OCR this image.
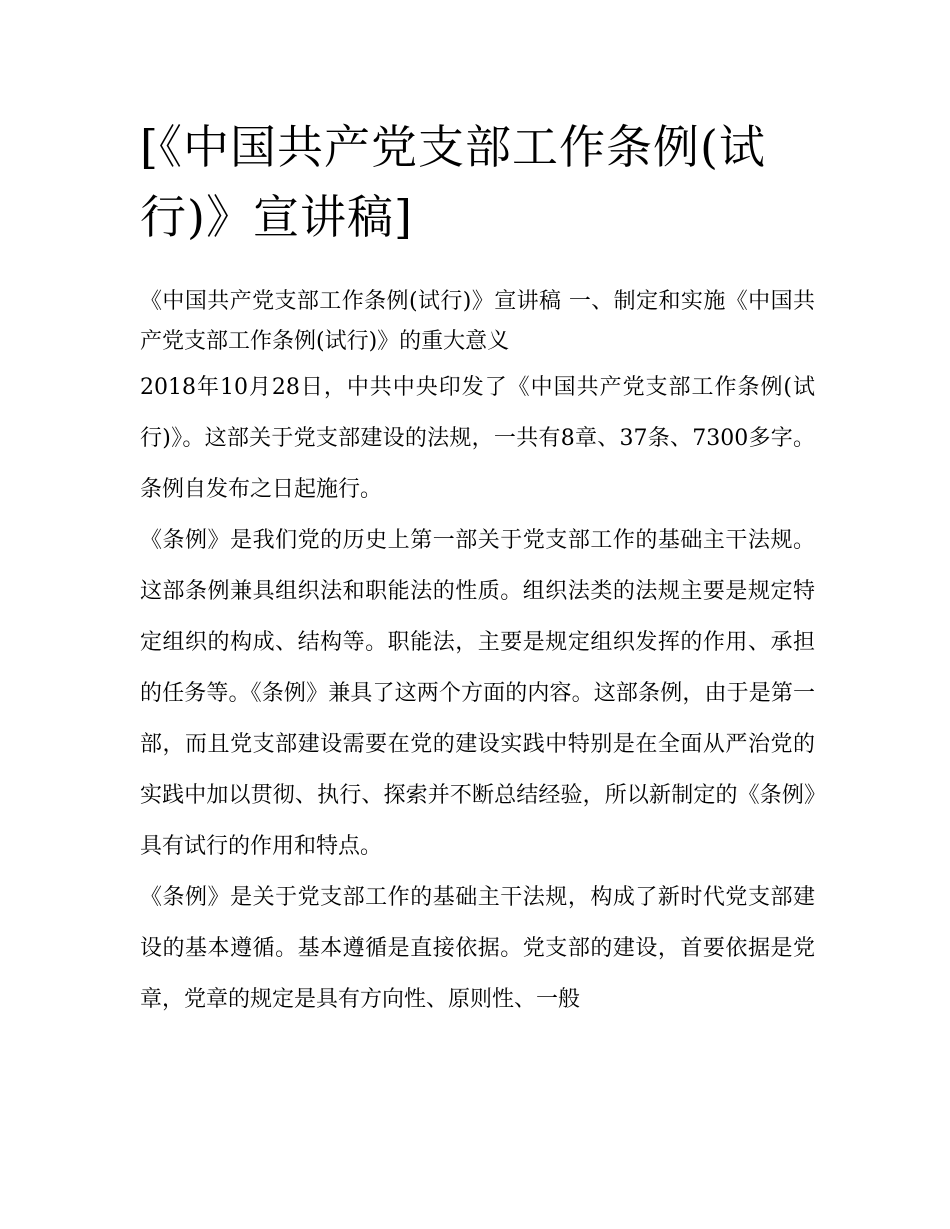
[《中国共产党支部工作条例(试行)》宣讲稿]

《中国共产党支部工作条例(试行)》宣讲稿 一、制定和实施《中国共产党支部工作条例(试行)》的重大意义

2018年10月28日，中共中央印发了《中国共产党支部工作条例(试行)》。这部关于党支部建设的法规，一共有8章、37条、7300多字。条例自发布之日起施行。

《条例》是我们党的历史上第一部关于党支部工作的基础主干法规。这部条例兼具组织法和职能法的性质。组织法类的法规主要是规定特定组织的构成、结构等。职能法，主要是规定组织发挥的作用、承担的任务等。《条例》兼具了这两个方面的内容。这部条例，由于是第一部，而且党支部建设需要在党的建设实践中特别是在全面从严治党的实践中加以贯彻、执行、探索并不断总结经验，所以新制定的《条例》具有试行的作用和特点。

《条例》是关于党支部工作的基础主干法规，构成了新时代党支部建设的基本遵循。基本遵循是直接依据。党支部的建设，首要依据是党章，党章的规定是具有方向性、原则性、一般
